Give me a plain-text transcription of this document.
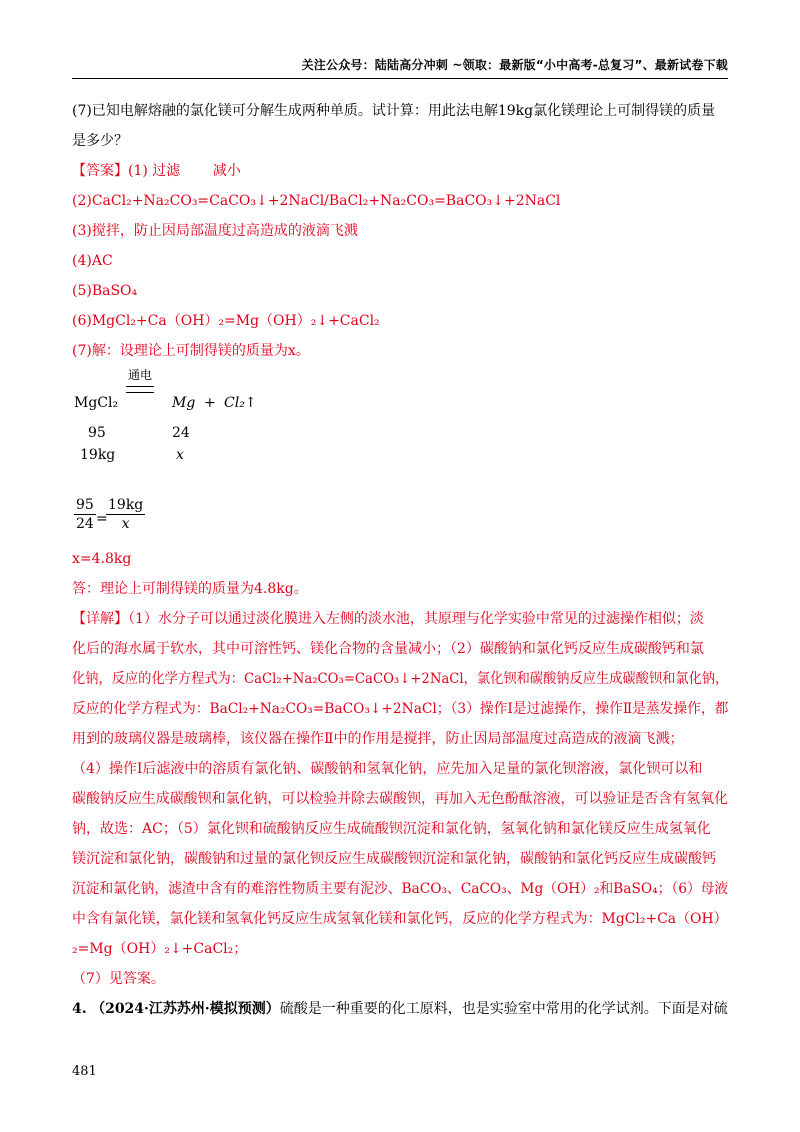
关注公众号：陆陆高分冲刺 ~领取：最新版“小中高考-总复习”、最新试卷下载
(7)已知电解熔融的氯化镁可分解生成两种单质。试计算：用此法电解19kg氯化镁理论上可制得镁的质量
是多少？
【答案】(1) 过滤　　 减小
(2)CaCl₂+Na₂CO₃=CaCO₃↓+2NaCl/BaCl₂+Na₂CO₃=BaCO₃↓+2NaCl
(3)搅拌，防止因局部温度过高造成的液滴飞溅
(4)AC
(5)BaSO₄
(6)MgCl₂+Ca（OH）₂=Mg（OH）₂↓+CaCl₂
(7)解：设理论上可制得镁的质量为x。
MgCl₂
通电
Mg + Cl₂↑
95	24
19kg	x
$\frac{95}{24}$ =
$\frac{19kg}{x}$
x=4.8kg
答：理论上可制得镁的质量为4.8kg。
【详解】（1）水分子可以通过淡化膜进入左侧的淡水池，其原理与化学实验中常见的过滤操作相似；淡
化后的海水属于软水，其中可溶性钙、镁化合物的含量减小；（2）碳酸钠和氯化钙反应生成碳酸钙和氯
化钠，反应的化学方程式为：CaCl₂+Na₂CO₃=CaCO₃↓+2NaCl，氯化钡和碳酸钠反应生成碳酸钡和氯化钠，
反应的化学方程式为：BaCl₂+Na₂CO₃=BaCO₃↓+2NaCl；（3）操作Ⅰ是过滤操作，操作Ⅱ是蒸发操作，都
用到的玻璃仪器是玻璃棒，该仪器在操作Ⅱ中的作用是搅拌，防止因局部温度过高造成的液滴飞溅；
（4）操作Ⅰ后滤液中的溶质有氯化钠、碳酸钠和氢氧化钠，应先加入足量的氯化钡溶液，氯化钡可以和
碳酸钠反应生成碳酸钡和氯化钠，可以检验并除去碳酸钡，再加入无色酚酞溶液，可以验证是否含有氢氧化
钠，故选：AC；（5）氯化钡和硫酸钠反应生成硫酸钡沉淀和氯化钠，氢氧化钠和氯化镁反应生成氢氧化
镁沉淀和氯化钠，碳酸钠和过量的氯化钡反应生成碳酸钡沉淀和氯化钠，碳酸钠和氯化钙反应生成碳酸钙
沉淀和氯化钠，滤渣中含有的难溶性物质主要有泥沙、BaCO₃、CaCO₃、Mg（OH）₂和BaSO₄；（6）母液
中含有氯化镁，氯化镁和氢氧化钙反应生成氢氧化镁和氯化钙，反应的化学方程式为：MgCl₂+Ca（OH）
₂=Mg（OH）₂↓+CaCl₂；
（7）见答案。
4. （2024·江苏苏州·模拟预测）硫酸是一种重要的化工原料，也是实验室中常用的化学试剂。下面是对硫
481
